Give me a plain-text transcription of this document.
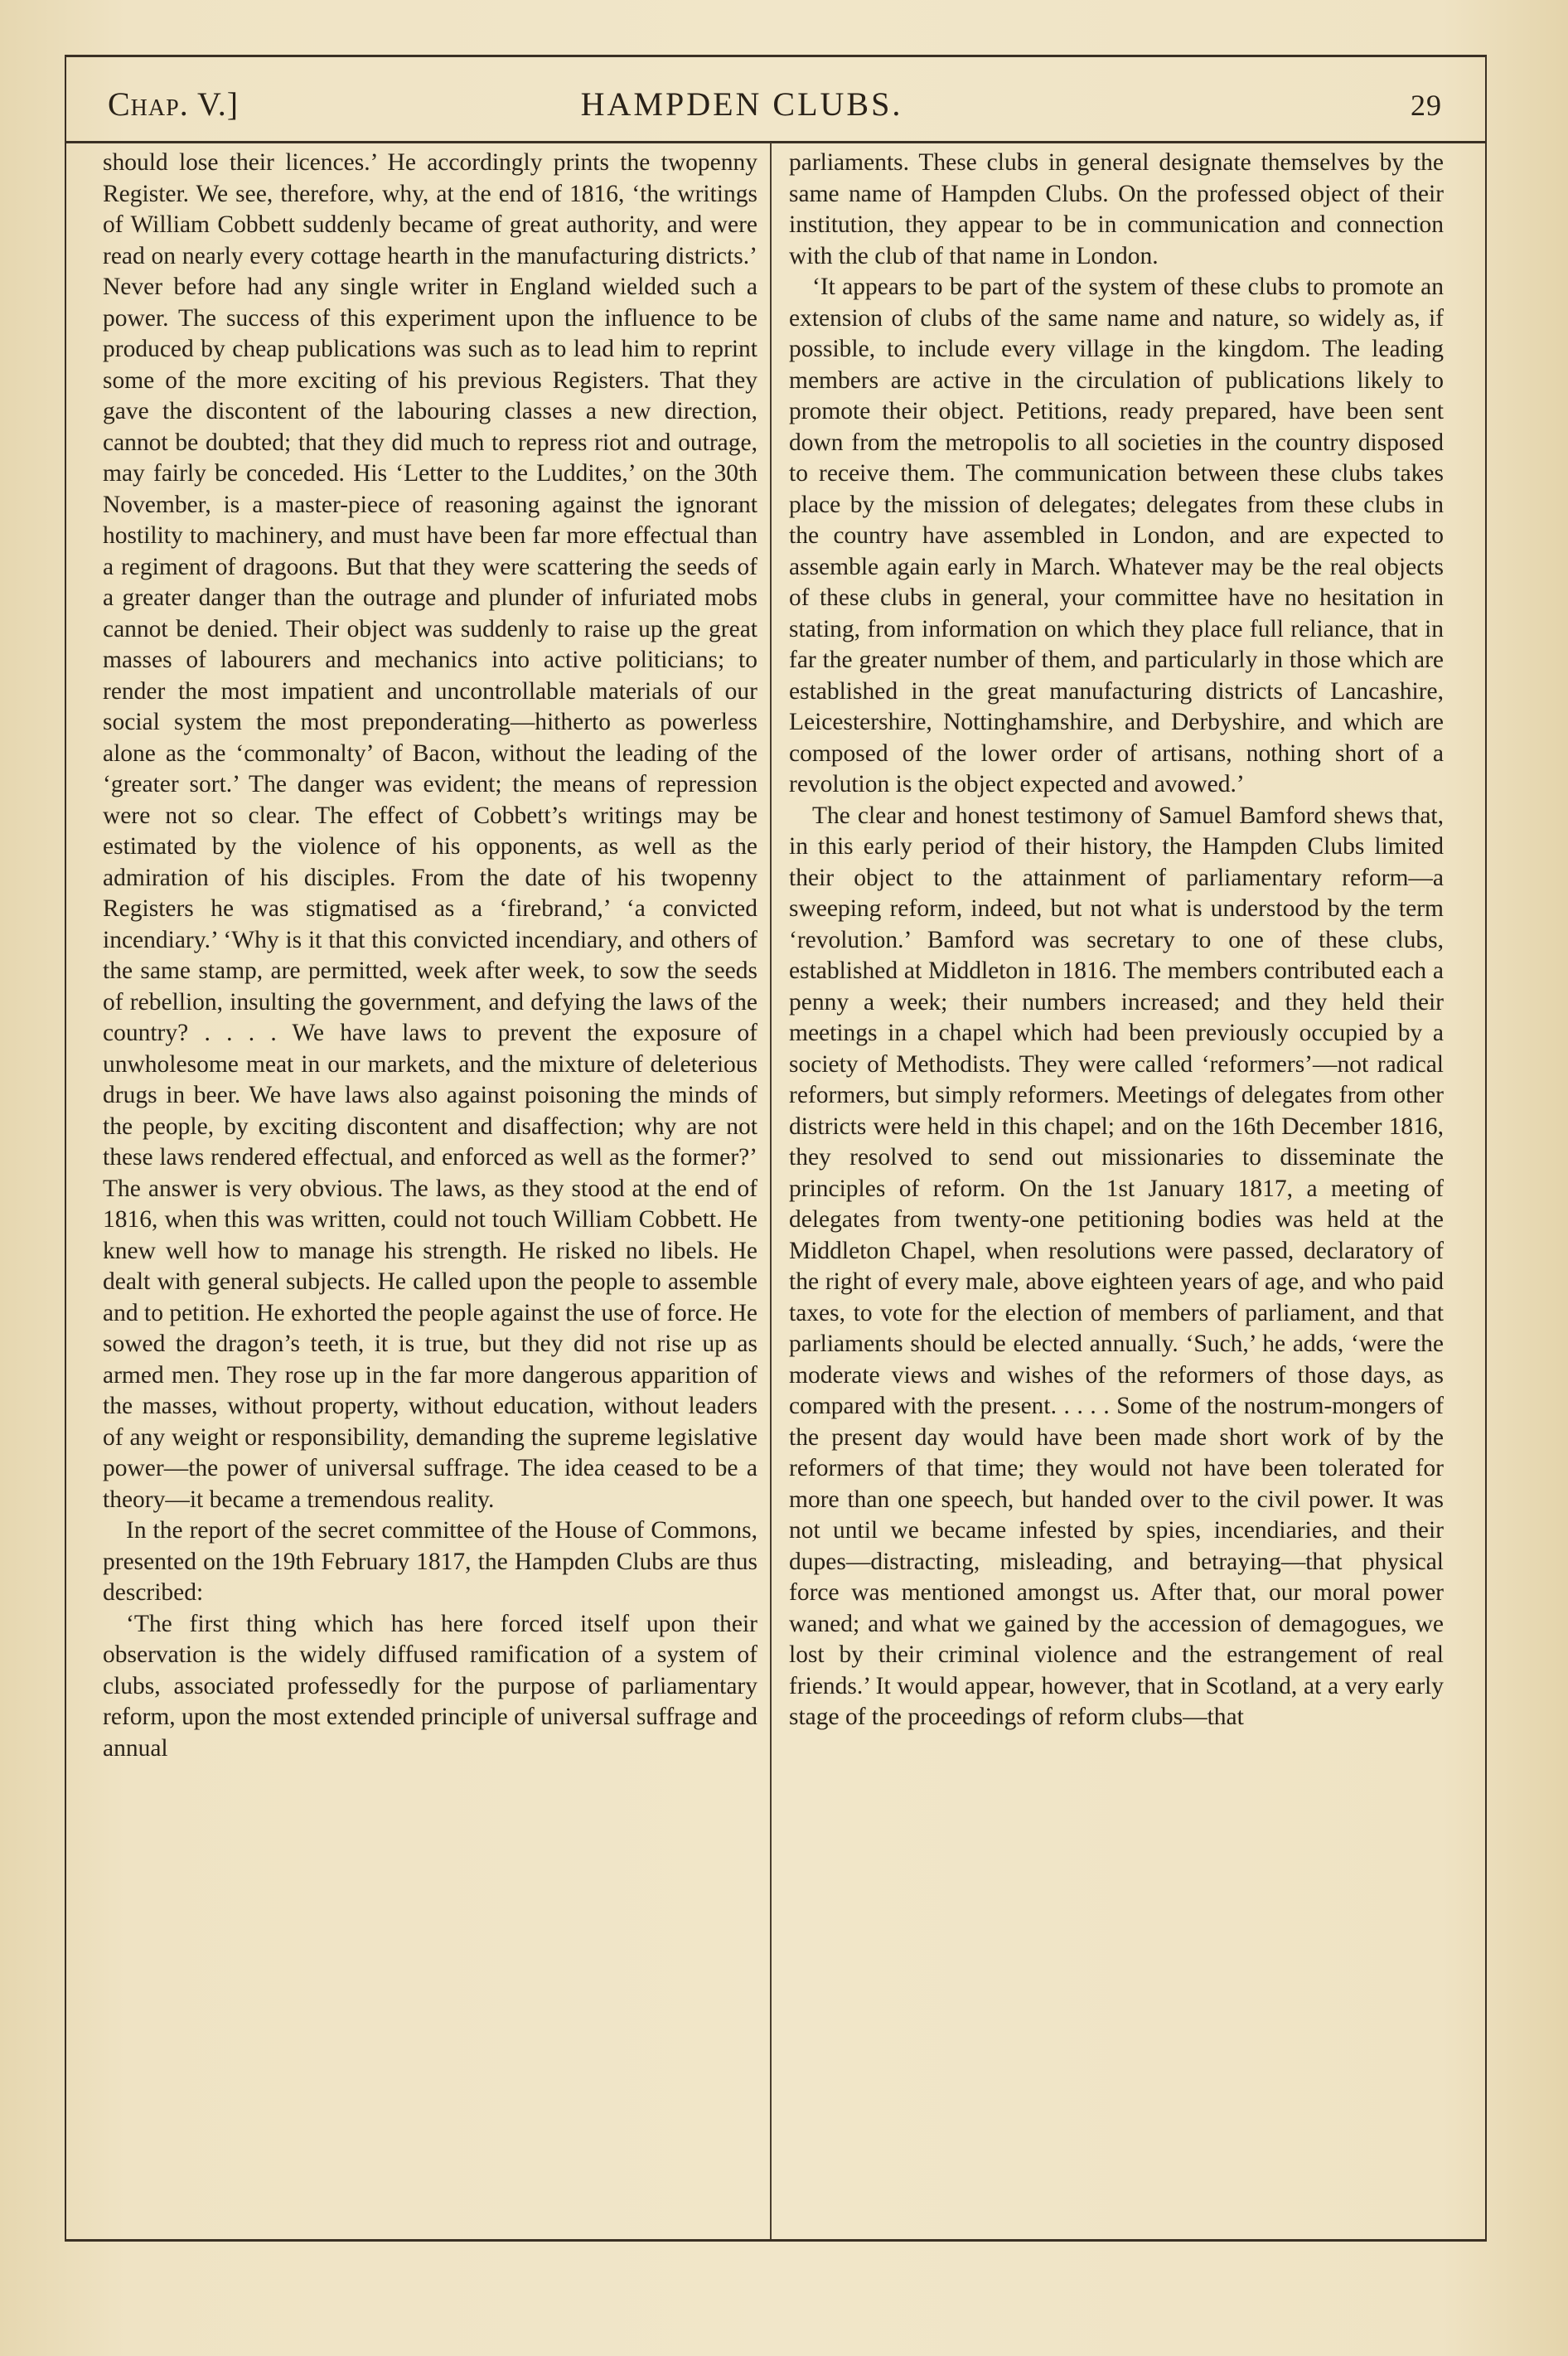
Chap. V.]	HAMPDEN CLUBS.	29

should lose their licences.’ He accordingly prints the twopenny Register. We see, therefore, why, at the end of 1816, ‘the writings of William Cobbett suddenly became of great authority, and were read on nearly every cottage hearth in the manufacturing districts.’ Never before had any single writer in England wielded such a power. The success of this experiment upon the influence to be produced by cheap publications was such as to lead him to reprint some of the more exciting of his previous Registers. That they gave the discontent of the labouring classes a new direction, cannot be doubted; that they did much to repress riot and outrage, may fairly be conceded. His ‘Letter to the Luddites,’ on the 30th November, is a master-piece of reasoning against the ignorant hostility to machinery, and must have been far more effectual than a regiment of dragoons. But that they were scattering the seeds of a greater danger than the outrage and plunder of infuriated mobs cannot be denied. Their object was suddenly to raise up the great masses of labourers and mechanics into active politicians; to render the most impatient and uncontrollable materials of our social system the most preponderating—hitherto as powerless alone as the ‘commonalty’ of Bacon, without the leading of the ‘greater sort.’ The danger was evident; the means of repression were not so clear. The effect of Cobbett’s writings may be estimated by the violence of his opponents, as well as the admiration of his disciples. From the date of his twopenny Registers he was stigmatised as a ‘firebrand,’ ‘a convicted incendiary.’ ‘Why is it that this convicted incendiary, and others of the same stamp, are permitted, week after week, to sow the seeds of rebellion, insulting the government, and defying the laws of the country? . . . . We have laws to prevent the exposure of unwholesome meat in our markets, and the mixture of deleterious drugs in beer. We have laws also against poisoning the minds of the people, by exciting discontent and disaffection; why are not these laws rendered effectual, and enforced as well as the former?’ The answer is very obvious. The laws, as they stood at the end of 1816, when this was written, could not touch William Cobbett. He knew well how to manage his strength. He risked no libels. He dealt with general subjects. He called upon the people to assemble and to petition. He exhorted the people against the use of force. He sowed the dragon’s teeth, it is true, but they did not rise up as armed men. They rose up in the far more dangerous apparition of the masses, without property, without education, without leaders of any weight or responsibility, demanding the supreme legislative power—the power of universal suffrage. The idea ceased to be a theory—it became a tremendous reality.

In the report of the secret committee of the House of Commons, presented on the 19th February 1817, the Hampden Clubs are thus described:

‘The first thing which has here forced itself upon their observation is the widely diffused ramification of a system of clubs, associated professedly for the purpose of parliamentary reform, upon the most extended principle of universal suffrage and annual

parliaments. These clubs in general designate themselves by the same name of Hampden Clubs. On the professed object of their institution, they appear to be in communication and connection with the club of that name in London.

‘It appears to be part of the system of these clubs to promote an extension of clubs of the same name and nature, so widely as, if possible, to include every village in the kingdom. The leading members are active in the circulation of publications likely to promote their object. Petitions, ready prepared, have been sent down from the metropolis to all societies in the country disposed to receive them. The communication between these clubs takes place by the mission of delegates; delegates from these clubs in the country have assembled in London, and are expected to assemble again early in March. Whatever may be the real objects of these clubs in general, your committee have no hesitation in stating, from information on which they place full reliance, that in far the greater number of them, and particularly in those which are established in the great manufacturing districts of Lancashire, Leicestershire, Nottinghamshire, and Derbyshire, and which are composed of the lower order of artisans, nothing short of a revolution is the object expected and avowed.’

The clear and honest testimony of Samuel Bamford shews that, in this early period of their history, the Hampden Clubs limited their object to the attainment of parliamentary reform—a sweeping reform, indeed, but not what is understood by the term ‘revolution.’ Bamford was secretary to one of these clubs, established at Middleton in 1816. The members contributed each a penny a week; their numbers increased; and they held their meetings in a chapel which had been previously occupied by a society of Methodists. They were called ‘reformers’—not radical reformers, but simply reformers. Meetings of delegates from other districts were held in this chapel; and on the 16th December 1816, they resolved to send out missionaries to disseminate the principles of reform. On the 1st January 1817, a meeting of delegates from twenty-one petitioning bodies was held at the Middleton Chapel, when resolutions were passed, declaratory of the right of every male, above eighteen years of age, and who paid taxes, to vote for the election of members of parliament, and that parliaments should be elected annually. ‘Such,’ he adds, ‘were the moderate views and wishes of the reformers of those days, as compared with the present. . . . . Some of the nostrum-mongers of the present day would have been made short work of by the reformers of that time; they would not have been tolerated for more than one speech, but handed over to the civil power. It was not until we became infested by spies, incendiaries, and their dupes—distracting, misleading, and betraying—that physical force was mentioned amongst us. After that, our moral power waned; and what we gained by the accession of demagogues, we lost by their criminal violence and the estrangement of real friends.’ It would appear, however, that in Scotland, at a very early stage of the proceedings of reform clubs—that
